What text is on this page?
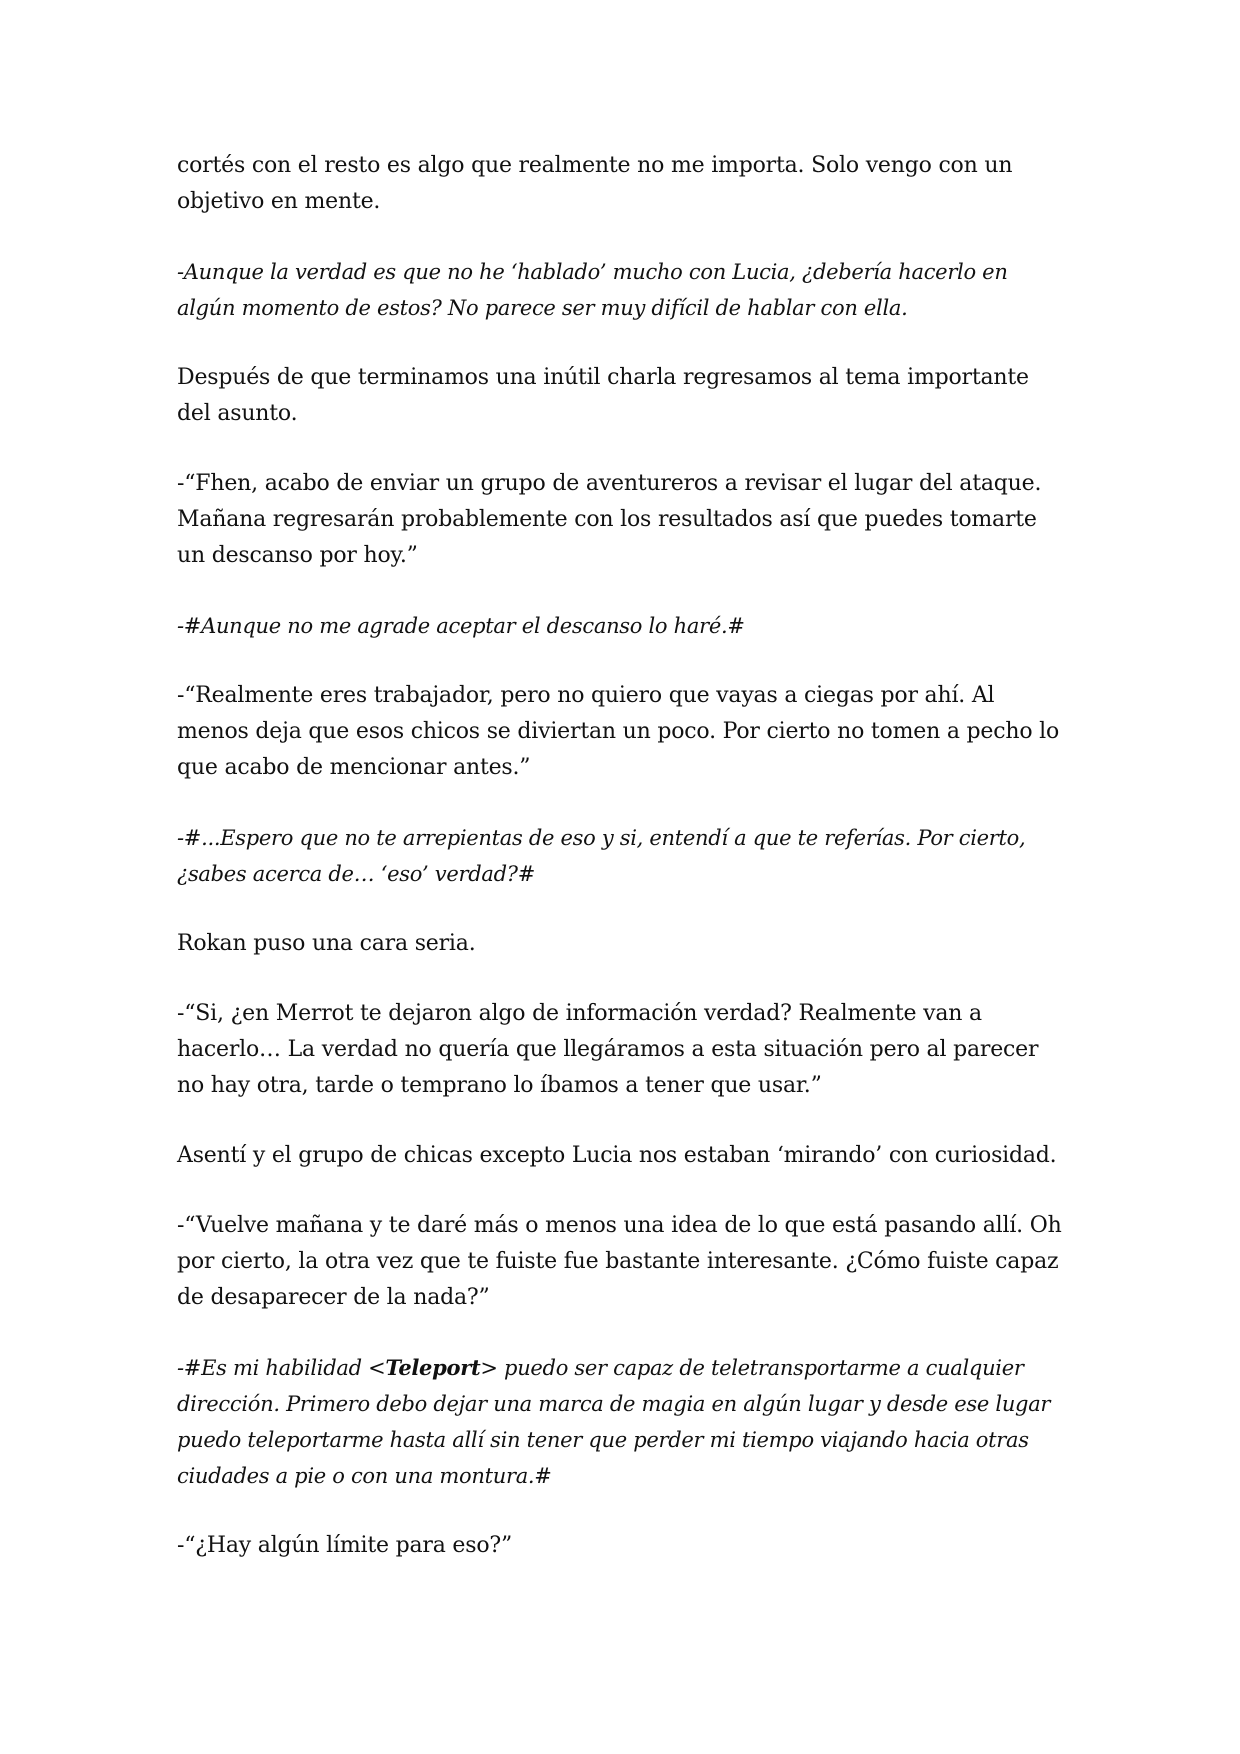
cortés con el resto es algo que realmente no me importa. Solo vengo con un objetivo en mente.

-Aunque la verdad es que no he ‘hablado’ mucho con Lucia, ¿debería hacerlo en algún momento de estos? No parece ser muy difícil de hablar con ella.

Después de que terminamos una inútil charla regresamos al tema importante del asunto.

-“Fhen, acabo de enviar un grupo de aventureros a revisar el lugar del ataque. Mañana regresarán probablemente con los resultados así que puedes tomarte un descanso por hoy.”

-#Aunque no me agrade aceptar el descanso lo haré.#

-“Realmente eres trabajador, pero no quiero que vayas a ciegas por ahí. Al menos deja que esos chicos se diviertan un poco. Por cierto no tomen a pecho lo que acabo de mencionar antes.”

-#...Espero que no te arrepientas de eso y si, entendí a que te referías. Por cierto, ¿sabes acerca de… ‘eso’ verdad?#

Rokan puso una cara seria.

-“Si, ¿en Merrot te dejaron algo de información verdad? Realmente van a hacerlo… La verdad no quería que llegáramos a esta situación pero al parecer no hay otra, tarde o temprano lo íbamos a tener que usar.”

Asentí y el grupo de chicas excepto Lucia nos estaban ‘mirando’ con curiosidad.

-“Vuelve mañana y te daré más o menos una idea de lo que está pasando allí. Oh por cierto, la otra vez que te fuiste fue bastante interesante. ¿Cómo fuiste capaz de desaparecer de la nada?”

-#Es mi habilidad <Teleport> puedo ser capaz de teletransportarme a cualquier dirección. Primero debo dejar una marca de magia en algún lugar y desde ese lugar puedo teleportarme hasta allí sin tener que perder mi tiempo viajando hacia otras ciudades a pie o con una montura.#

-“¿Hay algún límite para eso?”
